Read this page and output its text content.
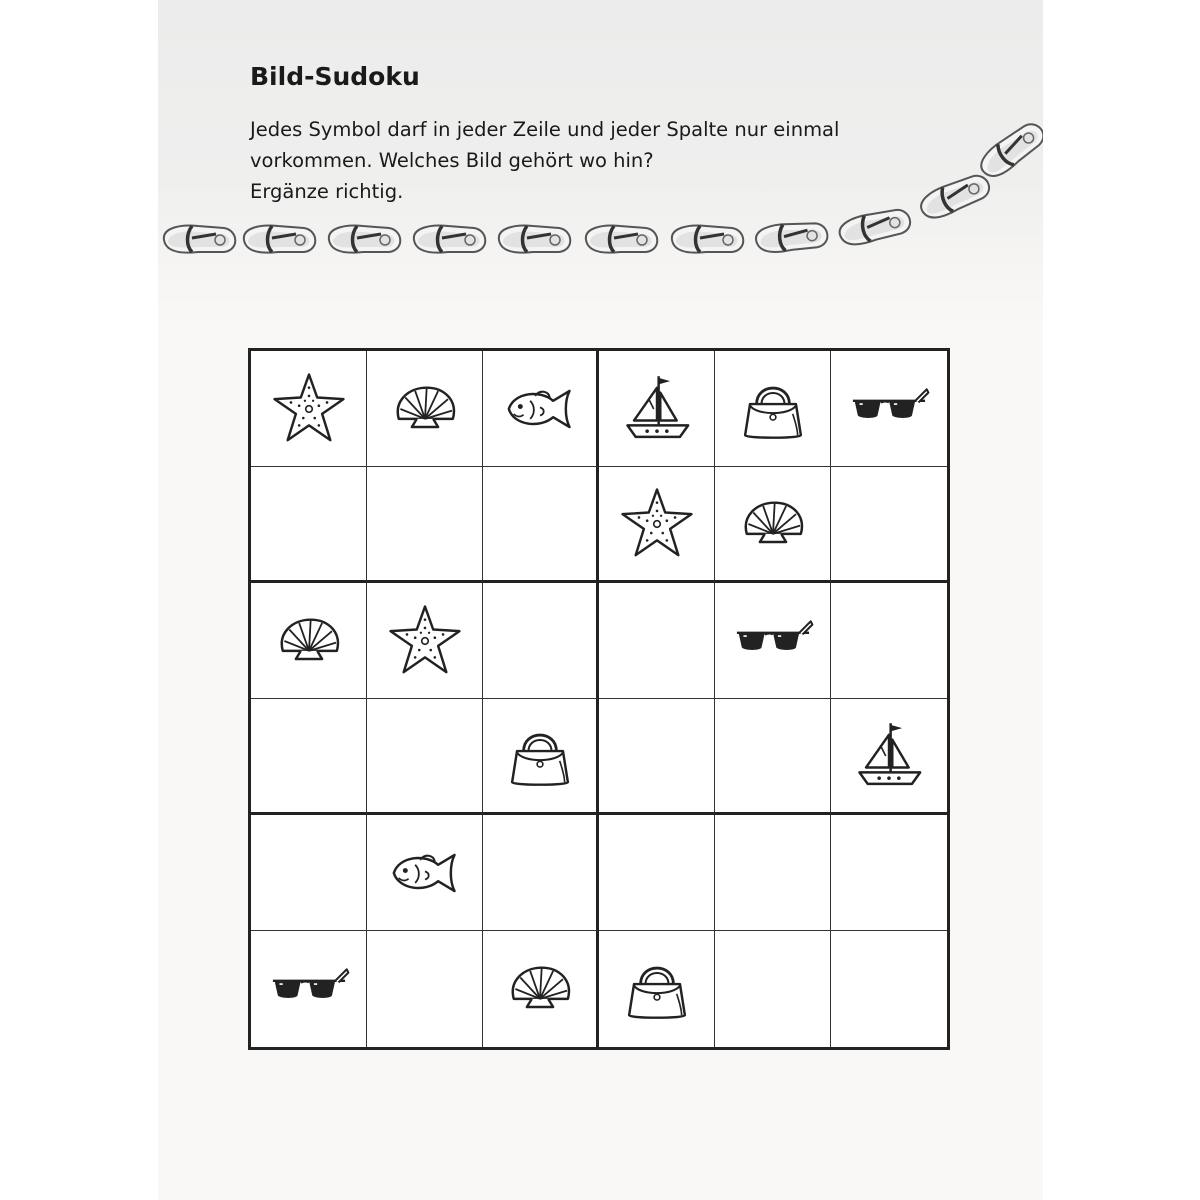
Bild-Sudoku
Jedes Symbol darf in jeder Zeile und jeder Spalte nur einmal
vorkommen. Welches Bild gehört wo hin?
Ergänze richtig.
